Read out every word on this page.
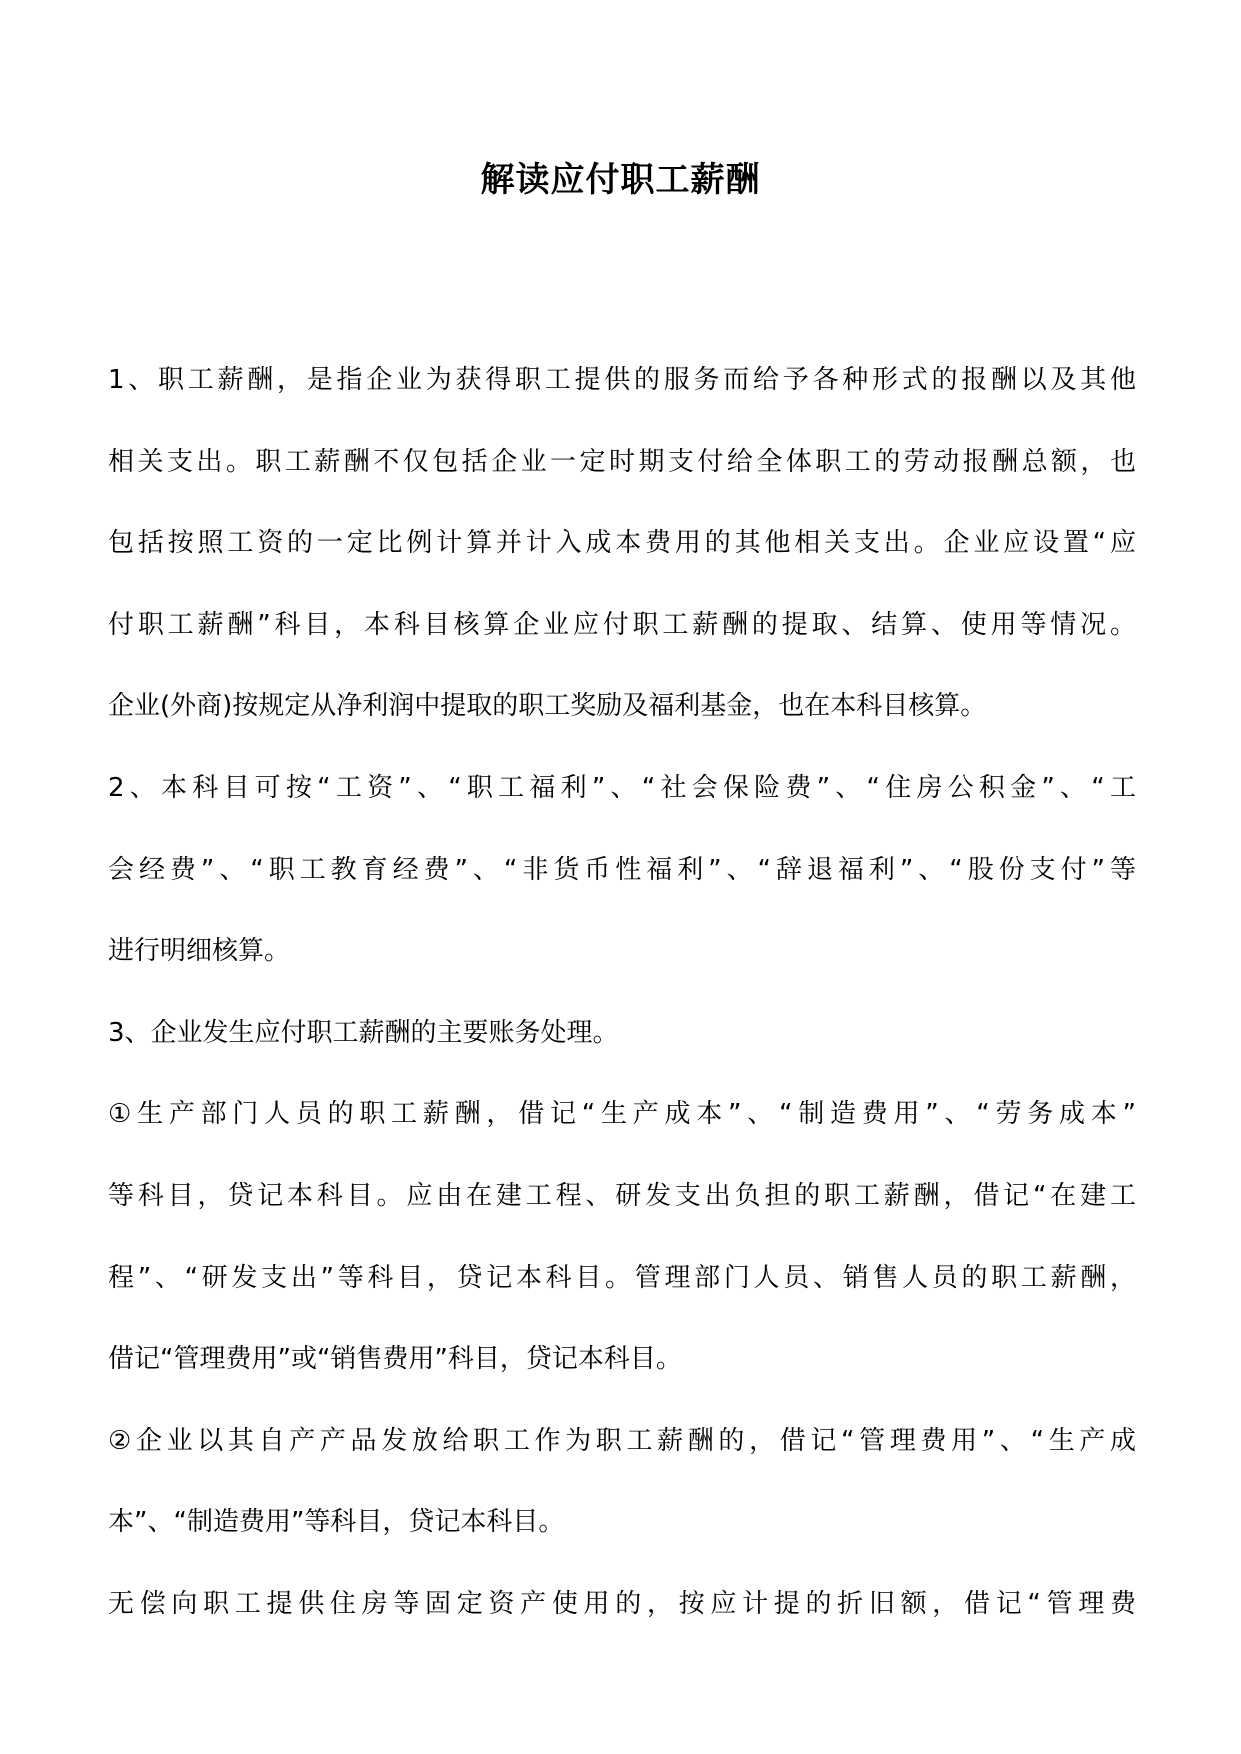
解读应付职工薪酬
1、职工薪酬，是指企业为获得职工提供的服务而给予各种形式的报酬以及其他
相关支出。职工薪酬不仅包括企业一定时期支付给全体职工的劳动报酬总额，也
包括按照工资的一定比例计算并计入成本费用的其他相关支出。企业应设置“应
付职工薪酬”科目，本科目核算企业应付职工薪酬的提取、结算、使用等情况。
企业(外商)按规定从净利润中提取的职工奖励及福利基金，也在本科目核算。
2、本科目可按“工资”、“职工福利”、“社会保险费”、“住房公积金”、“工
会经费”、“职工教育经费”、“非货币性福利”、“辞退福利”、“股份支付”等
进行明细核算。
3、企业发生应付职工薪酬的主要账务处理。
①生产部门人员的职工薪酬，借记“生产成本”、“制造费用”、“劳务成本”
等科目，贷记本科目。应由在建工程、研发支出负担的职工薪酬，借记“在建工
程”、“研发支出”等科目，贷记本科目。管理部门人员、销售人员的职工薪酬，
借记“管理费用”或“销售费用”科目，贷记本科目。
②企业以其自产产品发放给职工作为职工薪酬的，借记“管理费用”、“生产成
本”、“制造费用”等科目，贷记本科目。
无偿向职工提供住房等固定资产使用的，按应计提的折旧额，借记“管理费
